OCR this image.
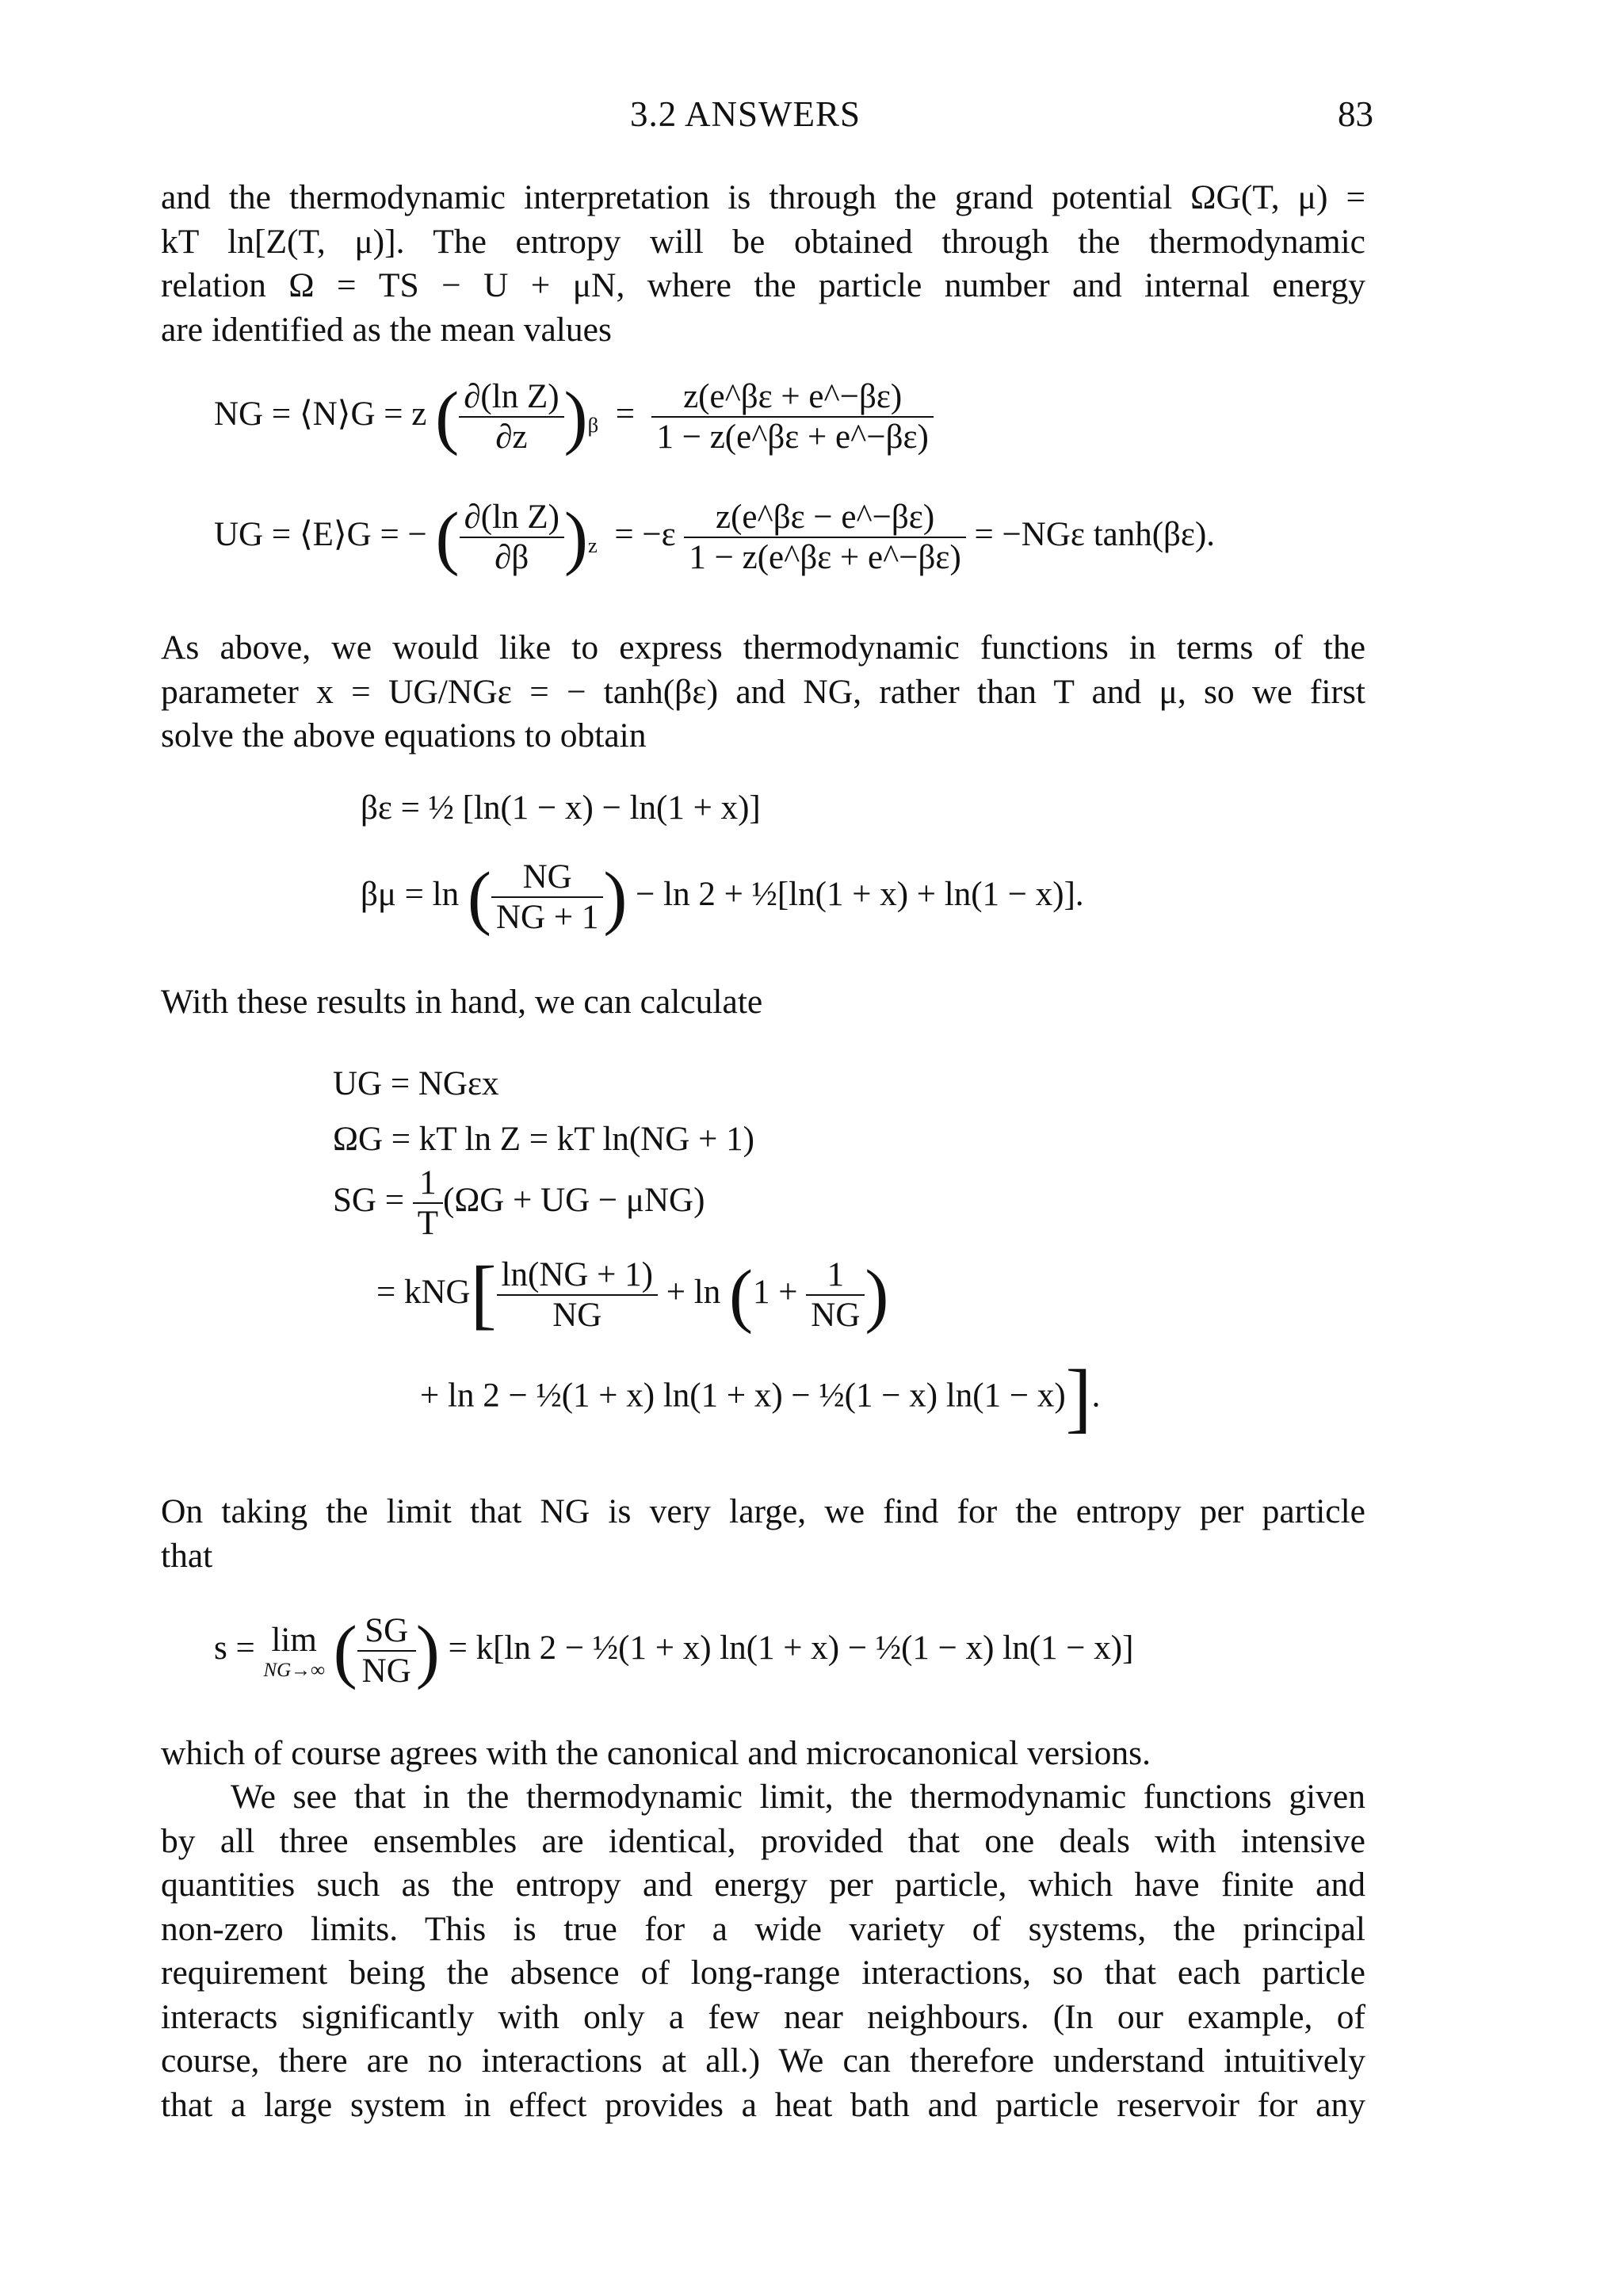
3.2 ANSWERS	83
and the thermodynamic interpretation is through the grand potential ΩG(T, μ) =
kT ln[Z(T, μ)]. The entropy will be obtained through the thermodynamic
relation Ω = TS − U + μN, where the particle number and internal energy
are identified as the mean values
NG = ⟨N⟩G = z ( $\frac{\text{∂(ln Z)}}{\partial z} )_\beta = \frac{z(e\^{}\beta\varepsilon + e\^{}-\beta\varepsilon)}{1 - z(e\^{}\beta\varepsilon + e\^{}-\beta\varepsilon)}$
UG = ⟨E⟩G = − ( $\frac{\text{∂(ln Z)}}{\partial\beta} )_z = -\varepsilon \frac{z(e\^{}\beta\varepsilon - e\^{}-\beta\varepsilon)}{1 - z(e\^{}\beta\varepsilon + e\^{}-\beta\varepsilon)} = -NG\varepsilon$ tanh(βε).
As above, we would like to express thermodynamic functions in terms of the
parameter x = UG/NGε = − tanh(βε) and NG, rather than T and μ, so we first
solve the above equations to obtain
βε = ½ [ln(1 − x) − ln(1 + x)]
βμ = ln ( $\frac{NG}{NG + 1}$ ) − ln 2 + ½[ln(1 + x) + ln(1 − x)].
With these results in hand, we can calculate
UG = NGεx
ΩG = kT ln Z = kT ln(NG + 1)
SG = $\frac{1}{T} (\Omega G$ + UG − μNG)
= $kNG[ \frac{\ln(NG + 1)}{NG} + \ln (1 + \frac{1}{NG}$ )
+ ln 2 − ½(1 + x) ln(1 + x) − ½(1 − x) ln(1 − x)].
On taking the limit that NG is very large, we find for the entropy per particle
that
s = lim
NG→∞ ( $\frac{SG}{NG}$ ) = k[ln 2 − ½(1 + x) ln(1 + x) − ½(1 − x) ln(1 − x)]
which of course agrees with the canonical and microcanonical versions.
We see that in the thermodynamic limit, the thermodynamic functions given
by all three ensembles are identical, provided that one deals with intensive
quantities such as the entropy and energy per particle, which have finite and
non-zero limits. This is true for a wide variety of systems, the principal
requirement being the absence of long-range interactions, so that each particle
interacts significantly with only a few near neighbours. (In our example, of
course, there are no interactions at all.) We can therefore understand intuitively
that a large system in effect provides a heat bath and particle reservoir for any
